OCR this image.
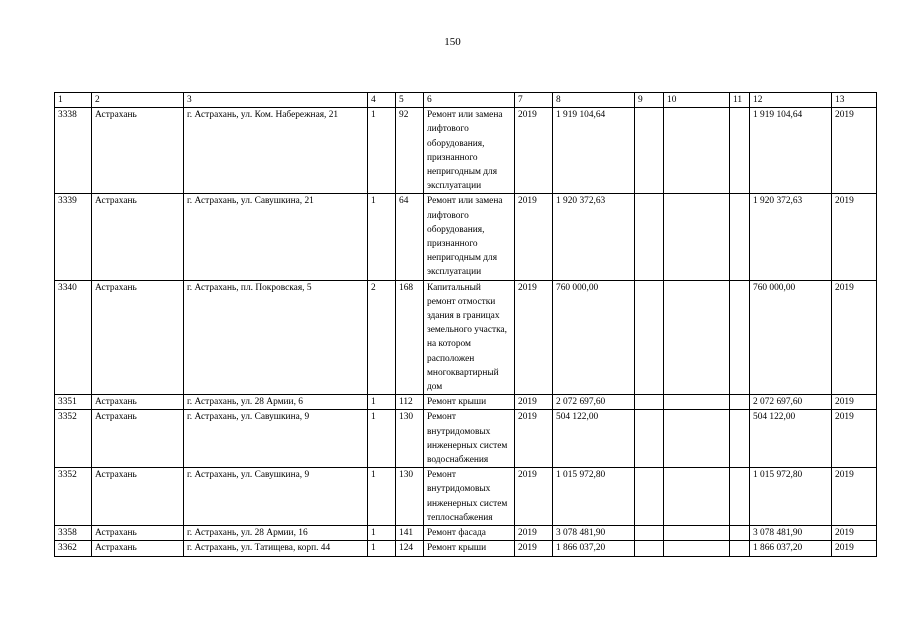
150
1	2	3	4	5	6	7	8	9	10	11	12	13
3338	Астрахань	г. Астрахань, ул. Ком. Набережная, 21	1	92	Ремонт или замена лифтового оборудования, признанного непригодным для эксплуатации	2019	1 919 104,64				1 919 104,64	2019
3339	Астрахань	г. Астрахань, ул. Савушкина, 21	1	64	Ремонт или замена лифтового оборудования, признанного непригодным для эксплуатации	2019	1 920 372,63				1 920 372,63	2019
3340	Астрахань	г. Астрахань, пл. Покровская, 5	2	168	Капитальный ремонт отмостки здания в границах земельного участка, на котором расположен многоквартирный дом	2019	760 000,00				760 000,00	2019
3351	Астрахань	г. Астрахань, ул. 28 Армии, 6	1	112	Ремонт крыши	2019	2 072 697,60				2 072 697,60	2019
3352	Астрахань	г. Астрахань, ул. Савушкина, 9	1	130	Ремонт внутридомовых инженерных систем водоснабжения	2019	504 122,00				504 122,00	2019
3352	Астрахань	г. Астрахань, ул. Савушкина, 9	1	130	Ремонт внутридомовых инженерных систем теплоснабжения	2019	1 015 972,80				1 015 972,80	2019
3358	Астрахань	г. Астрахань, ул. 28 Армии, 16	1	141	Ремонт фасада	2019	3 078 481,90				3 078 481,90	2019
3362	Астрахань	г. Астрахань, ул. Татищева, корп. 44	1	124	Ремонт крыши	2019	1 866 037,20				1 866 037,20	2019
